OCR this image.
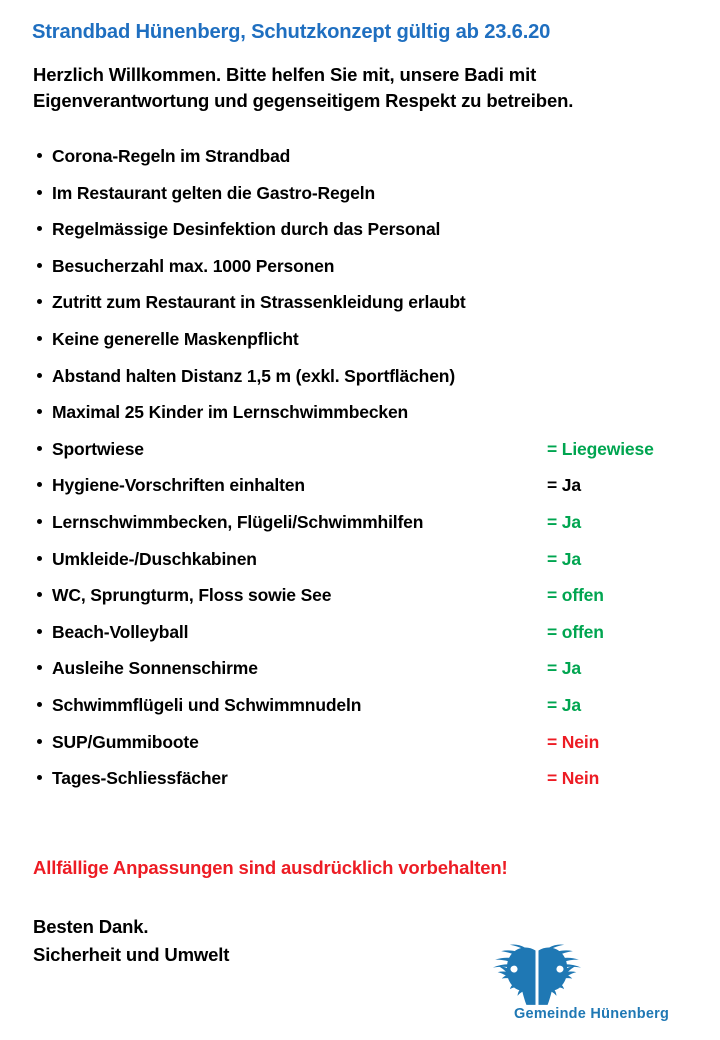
Strandbad Hünenberg, Schutzkonzept gültig ab 23.6.20
Herzlich Willkommen. Bitte helfen Sie mit, unsere Badi mit
Eigenverantwortung und gegenseitigem Respekt zu betreiben.
Corona-Regeln im Strandbad
Im Restaurant gelten die Gastro-Regeln
Regelmässige Desinfektion durch das Personal
Besucherzahl max. 1000 Personen
Zutritt zum Restaurant in Strassenkleidung erlaubt
Keine generelle Maskenpflicht
Abstand halten Distanz 1,5 m (exkl. Sportflächen)
Maximal 25 Kinder im Lernschwimmbecken
Sportwiese	= Liegewiese
Hygiene-Vorschriften einhalten	= Ja
Lernschwimmbecken, Flügeli/Schwimmhilfen	= Ja
Umkleide-/Duschkabinen	= Ja
WC, Sprungturm, Floss sowie See	= offen
Beach-Volleyball	= offen
Ausleihe Sonnenschirme	= Ja
Schwimmflügeli und Schwimmnudeln	= Ja
SUP/Gummiboote	= Nein
Tages-Schliessfächer	= Nein
Allfällige Anpassungen sind ausdrücklich vorbehalten!
Besten Dank.
Sicherheit und Umwelt
Gemeinde Hünenberg
